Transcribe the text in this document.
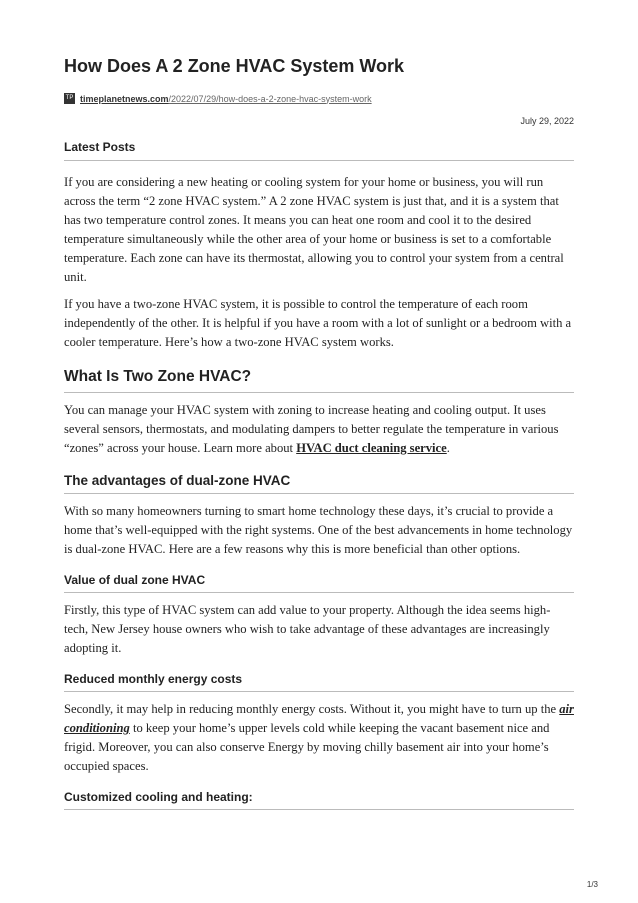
How Does A 2 Zone HVAC System Work
TP timeplanetnews.com /2022/07/29/how-does-a-2-zone-hvac-system-work
July 29, 2022
Latest Posts

If you are considering a new heating or cooling system for your home or business, you will run across the term “2 zone HVAC system.” A 2 zone HVAC system is just that, and it is a system that has two temperature control zones. It means you can heat one room and cool it to the desired temperature simultaneously while the other area of your home or business is set to a comfortable temperature. Each zone can have its thermostat, allowing you to control your system from a central unit.

If you have a two-zone HVAC system, it is possible to control the temperature of each room independently of the other. It is helpful if you have a room with a lot of sunlight or a bedroom with a cooler temperature. Here’s how a two-zone HVAC system works.

What Is Two Zone HVAC?

You can manage your HVAC system with zoning to increase heating and cooling output. It uses several sensors, thermostats, and modulating dampers to better regulate the temperature in various “zones” across your house. Learn more about HVAC duct cleaning service.

The advantages of dual-zone HVAC

With so many homeowners turning to smart home technology these days, it’s crucial to provide a home that’s well-equipped with the right systems. One of the best advancements in home technology is dual-zone HVAC. Here are a few reasons why this is more beneficial than other options.

Value of dual zone HVAC

Firstly, this type of HVAC system can add value to your property. Although the idea seems high-tech, New Jersey house owners who wish to take advantage of these advantages are increasingly adopting it.

Reduced monthly energy costs

Secondly, it may help in reducing monthly energy costs. Without it, you might have to turn up the air conditioning to keep your home’s upper levels cold while keeping the vacant basement nice and frigid. Moreover, you can also conserve Energy by moving chilly basement air into your home’s occupied spaces.

Customized cooling and heating:
1/3
